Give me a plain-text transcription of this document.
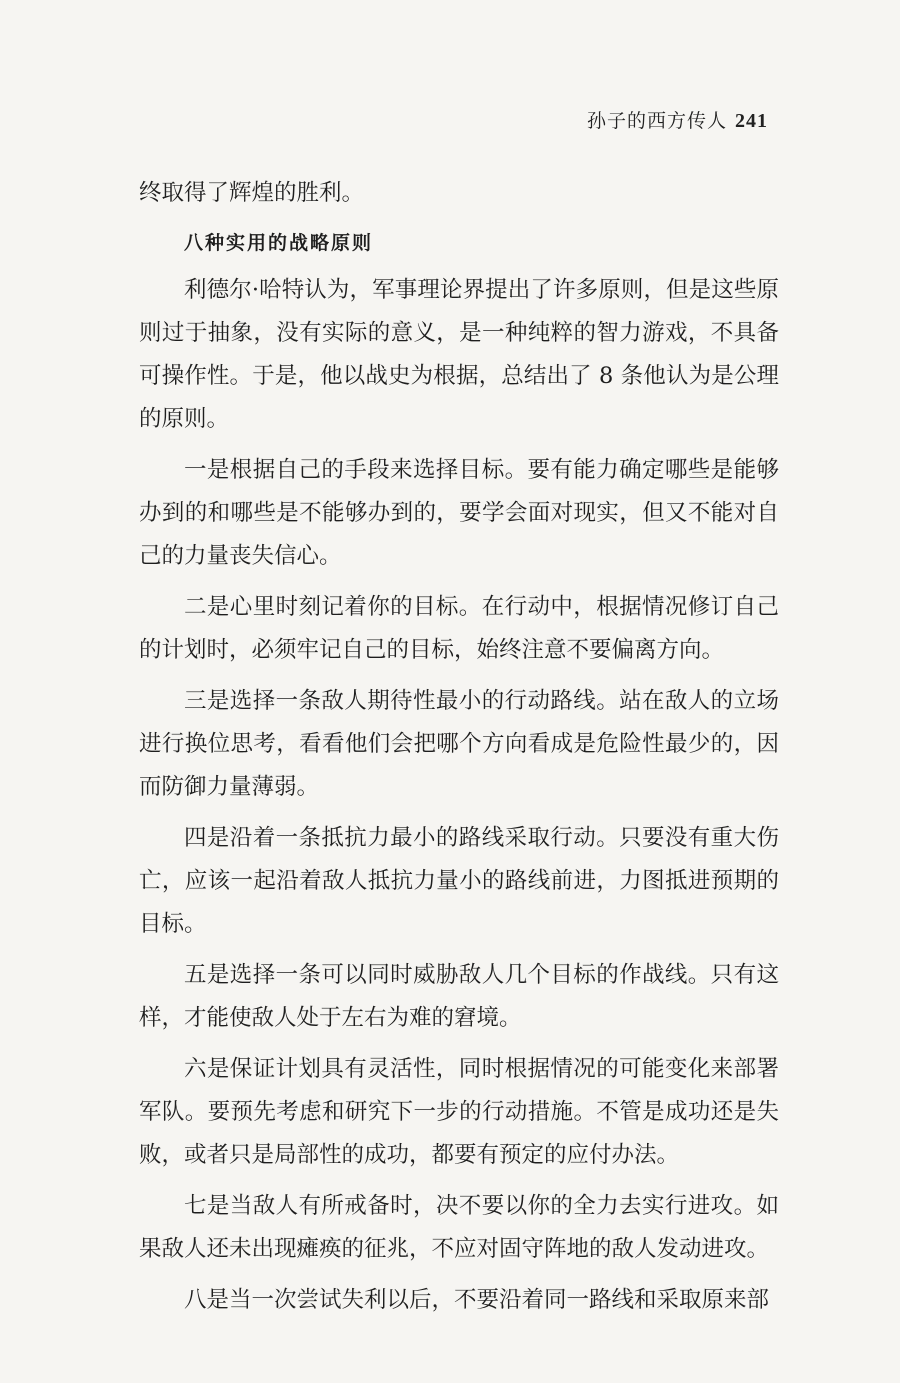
孙子的西方传人 241

终取得了辉煌的胜利。

八种实用的战略原则

利德尔·哈特认为，军事理论界提出了许多原则，但是这些原则过于抽象，没有实际的意义，是一种纯粹的智力游戏，不具备可操作性。于是，他以战史为根据，总结出了 8 条他认为是公理的原则。

一是根据自己的手段来选择目标。要有能力确定哪些是能够办到的和哪些是不能够办到的，要学会面对现实，但又不能对自己的力量丧失信心。

二是心里时刻记着你的目标。在行动中，根据情况修订自己的计划时，必须牢记自己的目标，始终注意不要偏离方向。

三是选择一条敌人期待性最小的行动路线。站在敌人的立场进行换位思考，看看他们会把哪个方向看成是危险性最少的，因而防御力量薄弱。

四是沿着一条抵抗力最小的路线采取行动。只要没有重大伤亡，应该一起沿着敌人抵抗力量小的路线前进，力图抵进预期的目标。

五是选择一条可以同时威胁敌人几个目标的作战线。只有这样，才能使敌人处于左右为难的窘境。

六是保证计划具有灵活性，同时根据情况的可能变化来部署军队。要预先考虑和研究下一步的行动措施。不管是成功还是失败，或者只是局部性的成功，都要有预定的应付办法。

七是当敌人有所戒备时，决不要以你的全力去实行进攻。如果敌人还未出现瘫痪的征兆，不应对固守阵地的敌人发动进攻。

八是当一次尝试失利以后，不要沿着同一路线和采取原来部
